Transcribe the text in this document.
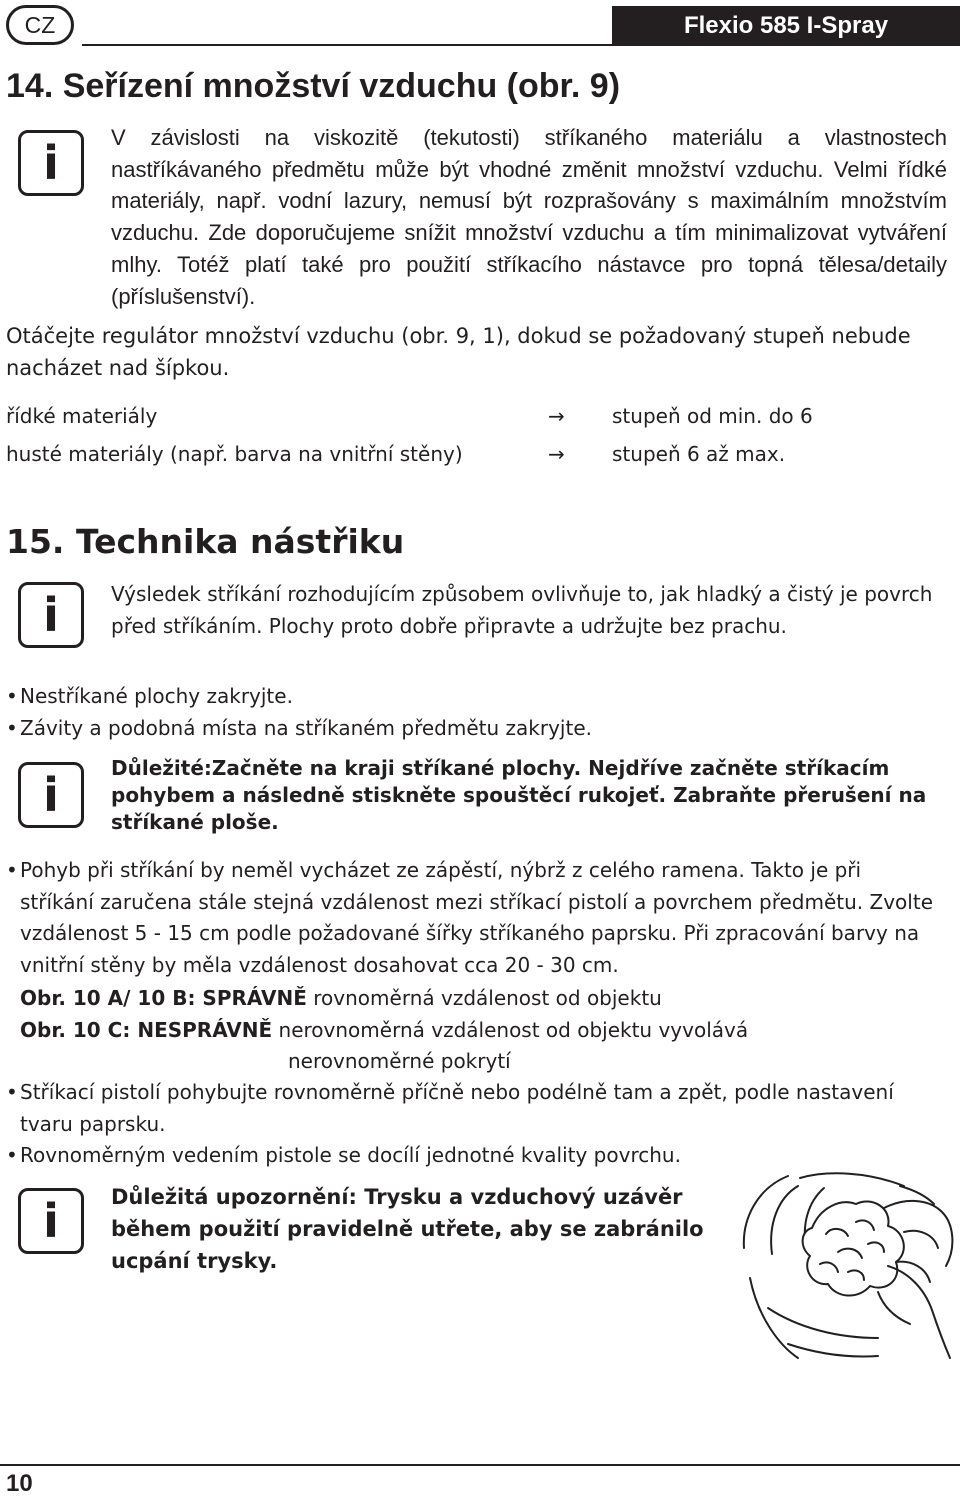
CZ	Flexio 585 I-Spray
14. Seřízení množství vzduchu (obr. 9)
i V závislosti na viskozitě (tekutosti) stříkaného materiálu a vlastnostech nastříkávaného předmětu může být vhodné změnit množství vzduchu. Velmi řídké materiály, např. vodní lazury, nemusí být rozprašovány s maximálním množstvím vzduchu. Zde doporučujeme snížit množství vzduchu a tím minimalizovat vytváření mlhy. Totéž platí také pro použití stříkacího nástavce pro topná tělesa/detaily (příslušenství).
Otáčejte regulátor množství vzduchu (obr. 9, 1), dokud se požadovaný stupeň nebude nacházet nad šípkou.
řídké materiály	→ stupeň od min. do 6
husté materiály (např. barva na vnitřní stěny)	→ stupeň 6 až max.
15. Technika nástřiku
i	Výsledek stříkání rozhodujícím způsobem ovlivňuje to, jak hladký a čistý je povrch před stříkáním. Plochy proto dobře připravte a udržujte bez prachu.
• Nestříkané plochy zakryjte.
• Závity a podobná místa na stříkaném předmětu zakryjte.
i	Důležité:Začněte na kraji stříkané plochy. Nejdříve začněte stříkacím pohybem a následně stiskněte spouštěcí rukojeť. Zabraňte přerušení na stříkané ploše.
• Pohyb při stříkání by neměl vycházet ze zápěstí, nýbrž z celého ramena. Takto je při stříkání zaručena stále stejná vzdálenost mezi stříkací pistolí a povrchem předmětu. Zvolte vzdálenost 5 - 15 cm podle požadované šířky stříkaného paprsku. Při zpracování barvy na vnitřní stěny by měla vzdálenost dosahovat cca 20 - 30 cm.
Obr. 10 A/ 10 B: SPRÁVNĚ rovnoměrná vzdálenost od objektu
Obr. 10 C: NESPRÁVNĚ nerovnoměrná vzdálenost od objektu vyvolává
nerovnoměrné pokrytí
• Stříkací pistolí pohybujte rovnoměrně příčně nebo podélně tam a zpět, podle nastavení tvaru paprsku.
• Rovnoměrným vedením pistole se docílí jednotné kvality povrchu.
i Důležitá upozornění: Trysku a vzduchový uzávěr během použití pravidelně utřete, aby se zabránilo ucpání trysky.
10
